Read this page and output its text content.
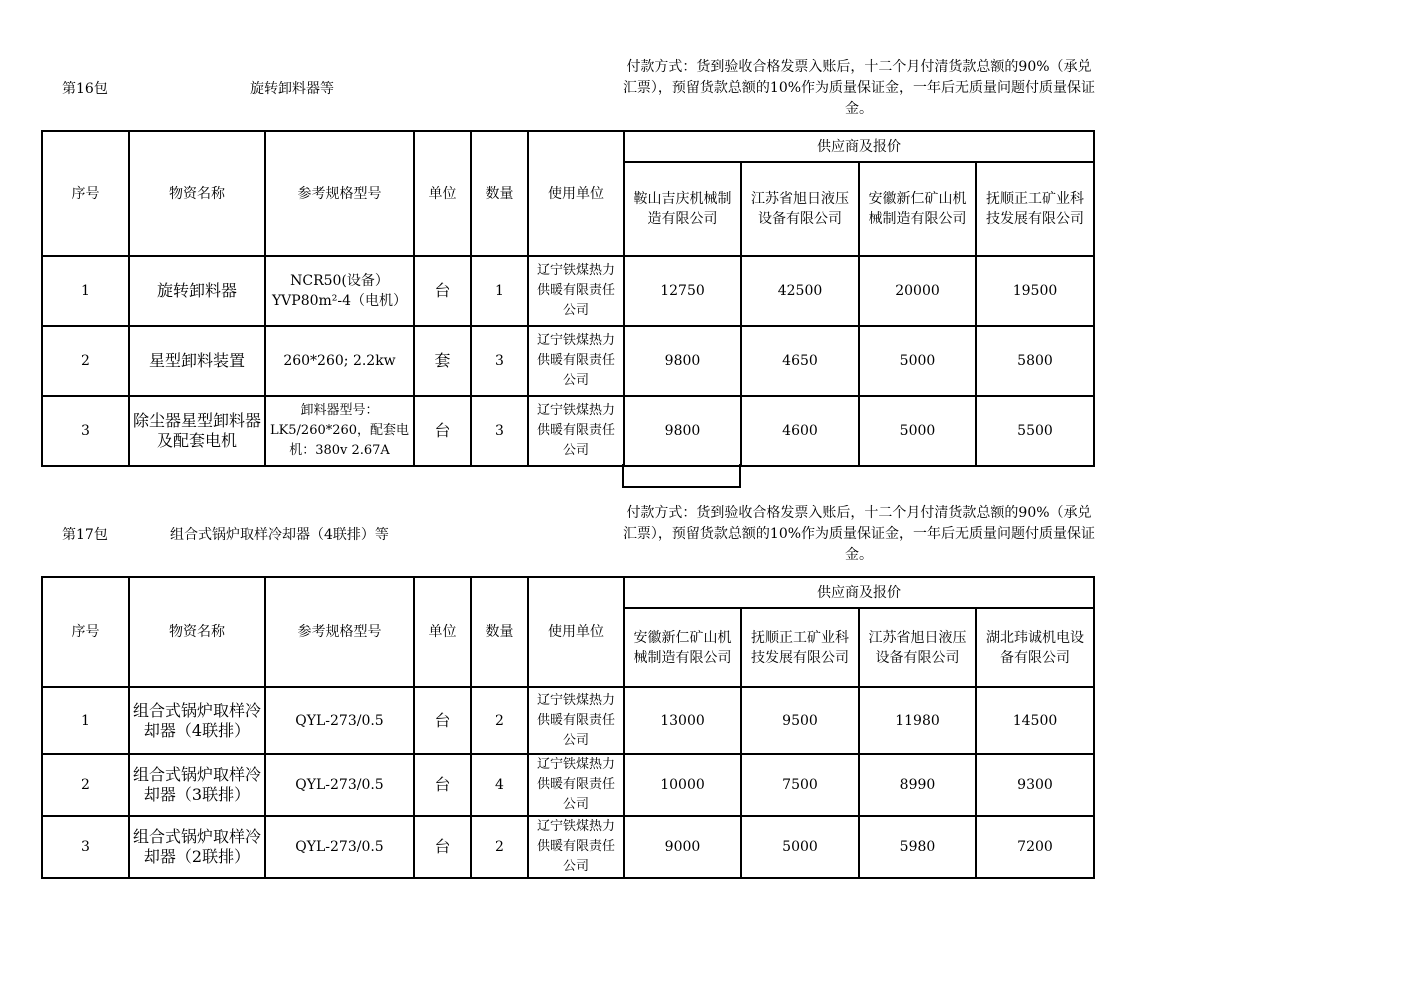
第16包	旋转卸料器等
付款方式：货到验收合格发票入账后，十二个月付清货款总额的90%（承兑汇票），预留货款总额的10%作为质量保证金，一年后无质量问题付质量保证金。
序号	物资名称	参考规格型号	单位	数量	使用单位	供应商及报价			
						鞍山吉庆机械制造有限公司	江苏省旭日液压设备有限公司	安徽新仁矿山机械制造有限公司	抚顺正工矿业科技发展有限公司
1	旋转卸料器	NCR50(设备）YVP80m²-4（电机）	台	1	辽宁铁煤热力供暖有限责任公司	12750	42500	20000	19500
2	星型卸料装置	260*260; 2.2kw	套	3	辽宁铁煤热力供暖有限责任公司	9800	4650	5000	5800
3	除尘器星型卸料器及配套电机	卸料器型号：LK5/260*260，配套电机：380v 2.67A	台	3	辽宁铁煤热力供暖有限责任公司	9800	4600	5000	5500
第17包	组合式锅炉取样冷却器（4联排）等
付款方式：货到验收合格发票入账后，十二个月付清货款总额的90%（承兑汇票），预留货款总额的10%作为质量保证金，一年后无质量问题付质量保证金。
序号	物资名称	参考规格型号	单位	数量	使用单位	供应商及报价			
						安徽新仁矿山机械制造有限公司	抚顺正工矿业科技发展有限公司	江苏省旭日液压设备有限公司	湖北玮诚机电设备有限公司
1	组合式锅炉取样冷却器（4联排）	QYL-273/0.5	台	2	辽宁铁煤热力供暖有限责任公司	13000	9500	11980	14500
2	组合式锅炉取样冷却器（3联排）	QYL-273/0.5	台	4	辽宁铁煤热力供暖有限责任公司	10000	7500	8990	9300
3	组合式锅炉取样冷却器（2联排）	QYL-273/0.5	台	2	辽宁铁煤热力供暖有限责任公司	9000	5000	5980	7200
